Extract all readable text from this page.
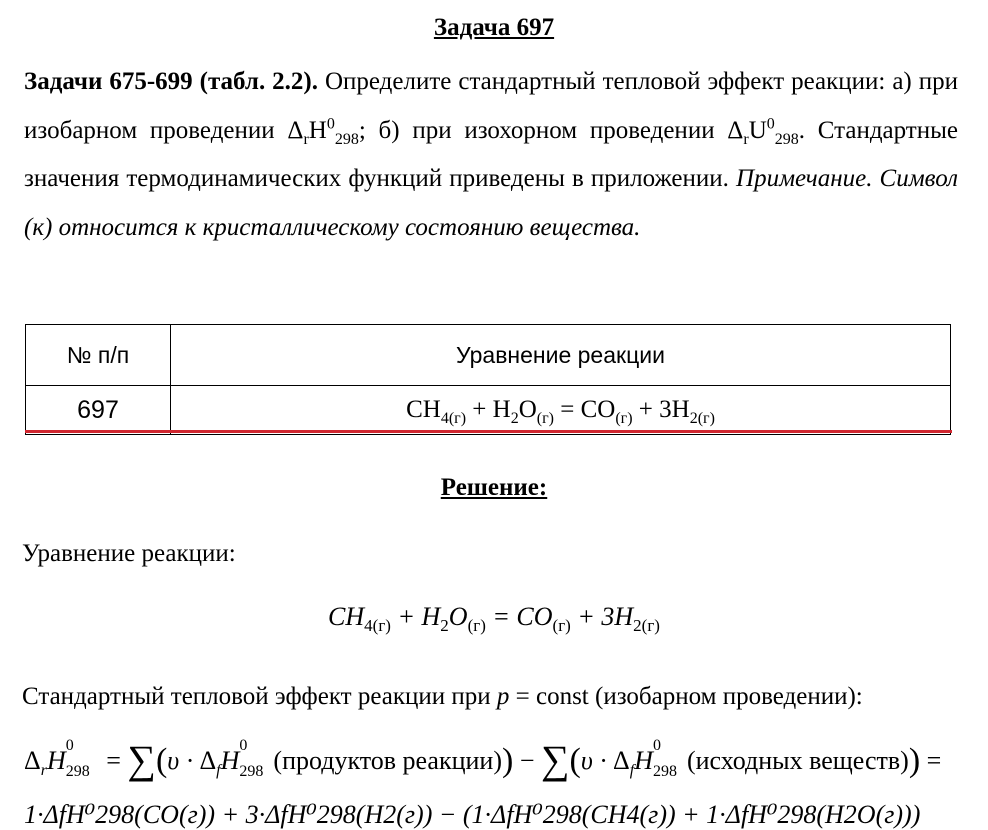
Задача 697
Задачи 675-699 (табл. 2.2). Определите стандартный тепловой эффект реакции: а) при изобарном проведении $\Delta_rH^0_{298}$; б) при изохорном проведении $\Delta_rU^0_{298}$. Стандартные значения термодинамических функций приведены в приложении. Примечание. Символ (к) относится к кристаллическому состоянию вещества.
№ п/п	Уравнение реакции
697	$CH_{4(г)} + H_2O_{(г)} = CO_{(г)} + 3H_{2(г)}$
Решение:
Уравнение реакции:
$CH_{4(г)} + H_2O_{(г)} = CO_{(г)} + 3H_{2(г)}$
Стандартный тепловой эффект реакции при p = const (изобарном проведении):
$\Delta_rH$
0
$298 = \sum(\upsilon \cdot \Delta_fH$
0
298 (продуктов реакции)) − $\sum(\upsilon \cdot \Delta_fH$
0
298 (исходных веществ)) =
1·ΔfH⁰298(CO(г)) + 3·ΔfH⁰298(H2(г)) − (1·ΔfH⁰298(CH4(г)) + 1·ΔfH⁰298(H2O(г)))
